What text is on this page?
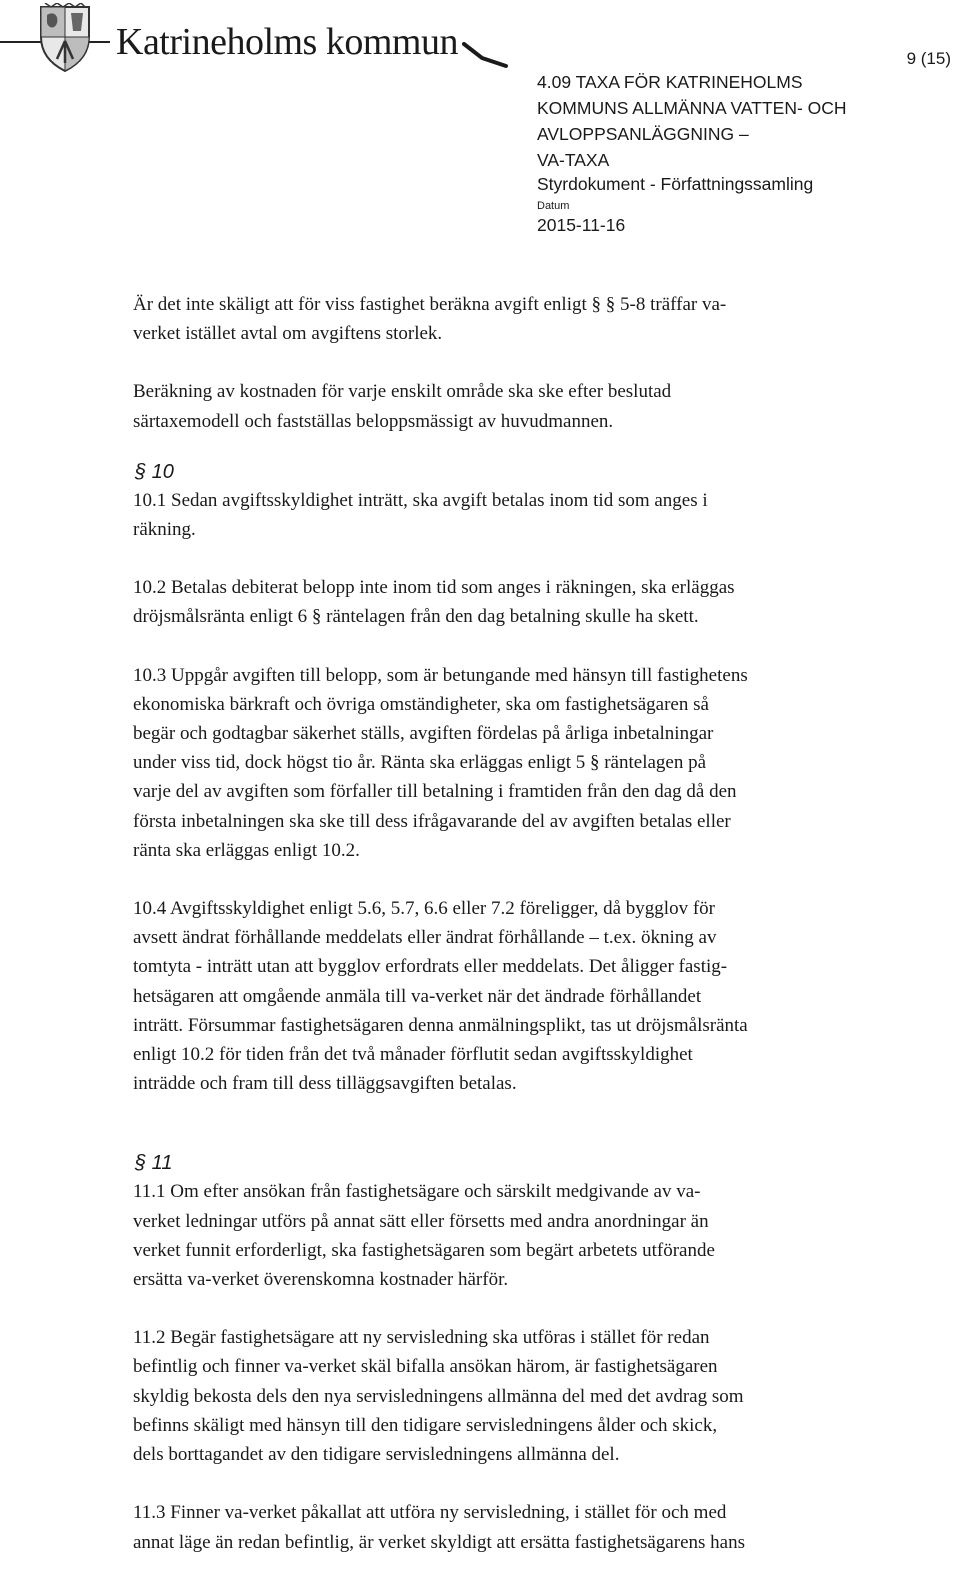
Katrineholms kommun	9 (15)
4.09 TAXA FÖR KATRINEHOLMS
KOMMUNS ALLMÄNNA VATTEN- OCH
AVLOPPSANLÄGGNING –
VA-TAXA
Styrdokument - Författningssamling
Datum
2015-11-16

Är det inte skäligt att för viss fastighet beräkna avgift enligt § § 5-8 träffar va-

verket istället avtal om avgiftens storlek.

Beräkning av kostnaden för varje enskilt område ska ske efter beslutad

särtaxemodell och fastställas beloppsmässigt av huvudmannen.

§ 10

10.1 Sedan avgiftsskyldighet inträtt, ska avgift betalas inom tid som anges i

räkning.

10.2 Betalas debiterat belopp inte inom tid som anges i räkningen, ska erläggas

dröjsmålsränta enligt 6 § räntelagen från den dag betalning skulle ha skett.

10.3 Uppgår avgiften till belopp, som är betungande med hänsyn till fastighetens

ekonomiska bärkraft och övriga omständigheter, ska om fastighetsägaren så

begär och godtagbar säkerhet ställs, avgiften fördelas på årliga inbetalningar

under viss tid, dock högst tio år. Ränta ska erläggas enligt 5 § räntelagen på

varje del av avgiften som förfaller till betalning i framtiden från den dag då den

första inbetalningen ska ske till dess ifrågavarande del av avgiften betalas eller

ränta ska erläggas enligt 10.2.

10.4 Avgiftsskyldighet enligt 5.6, 5.7, 6.6 eller 7.2 föreligger, då bygglov för

avsett ändrat förhållande meddelats eller ändrat förhållande – t.ex. ökning av

tomtyta - inträtt utan att bygglov erfordrats eller meddelats. Det åligger fastig-

hetsägaren att omgående anmäla till va-verket när det ändrade förhållandet

inträtt. Försummar fastighetsägaren denna anmälningsplikt, tas ut dröjsmålsränta

enligt 10.2 för tiden från det två månader förflutit sedan avgiftsskyldighet

inträdde och fram till dess tilläggsavgiften betalas.

§ 11

11.1 Om efter ansökan från fastighetsägare och särskilt medgivande av va-

verket ledningar utförs på annat sätt eller försetts med andra anordningar än

verket funnit erforderligt, ska fastighetsägaren som begärt arbetets utförande

ersätta va-verket överenskomna kostnader härför.

11.2 Begär fastighetsägare att ny servisledning ska utföras i stället för redan

befintlig och finner va-verket skäl bifalla ansökan härom, är fastighetsägaren

skyldig bekosta dels den nya servisledningens allmänna del med det avdrag som

befinns skäligt med hänsyn till den tidigare servisledningens ålder och skick,

dels borttagandet av den tidigare servisledningens allmänna del.

11.3 Finner va-verket påkallat att utföra ny servisledning, i stället för och med

annat läge än redan befintlig, är verket skyldigt att ersätta fastighetsägarens hans
